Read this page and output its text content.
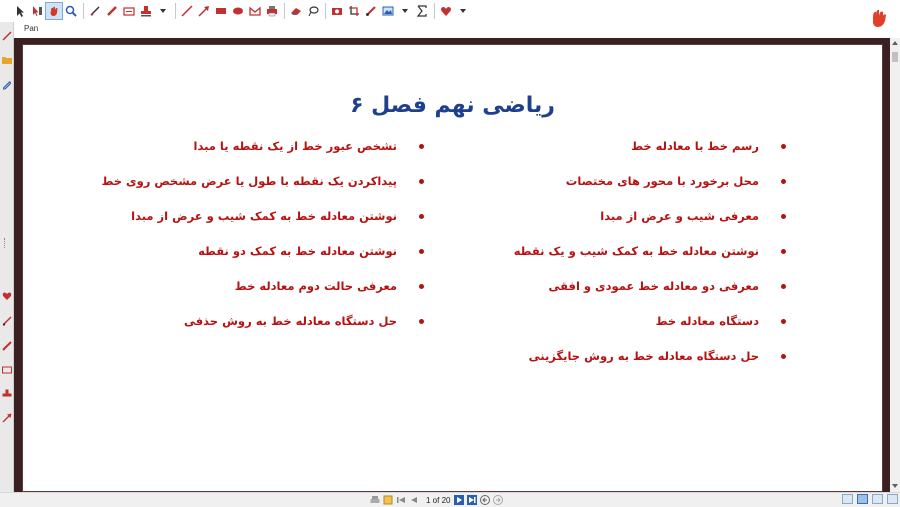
Pan
ریاضی نهم فصل ۶
رسم خط با معادله خط
محل برخورد با محور های مختصات
معرفی شیب و عرض از مبدا
نوشتن معادله خط به کمک شیب و یک نقطه
معرفی دو معادله خط عمودی و افقی
دستگاه معادله خط
حل دستگاه معادله خط به روش جایگزینی
تشخص عبور خط از یک نقطه یا مبدا
پیداکردن یک نقطه با طول یا عرض مشخص روی خط
نوشتن معادله خط به کمک شیب و عرض از مبدا
نوشتن معادله خط به کمک دو نقطه
معرفی حالت دوم معادله خط
حل دستگاه معادله خط به روش حذفی
1 of 20
